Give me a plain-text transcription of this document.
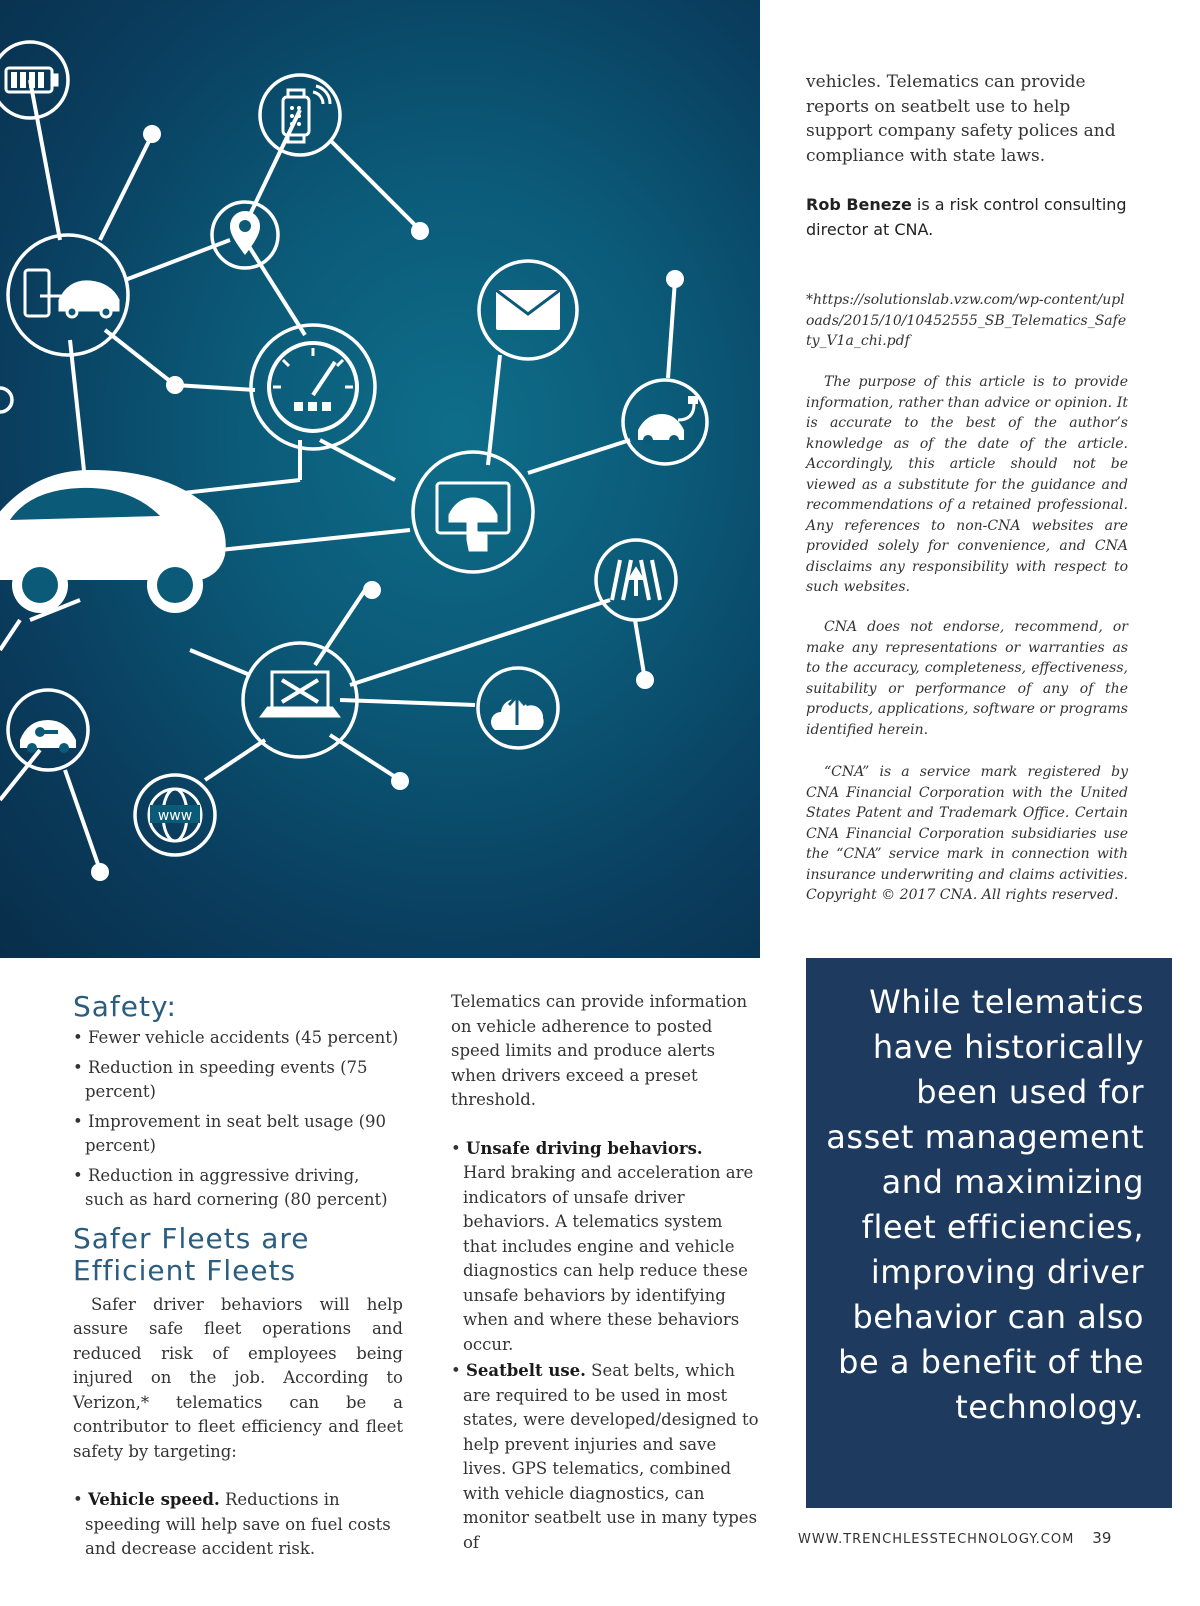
www

vehicles. Telematics can provide reports on seatbelt use to help support company safety polices and compliance with state laws.

Rob Beneze is a risk control consulting director at CNA.

*https://solutionslab.vzw.com/wp-content/uploads/2015/10/10452555_SB_Telematics_Safety_V1a_chi.pdf

The purpose of this article is to provide information, rather than advice or opinion. It is accurate to the best of the author’s knowledge as of the date of the article. Accordingly, this article should not be viewed as a substitute for the guidance and recommendations of a retained professional. Any references to non-CNA websites are provided solely for convenience, and CNA disclaims any responsibility with respect to such websites.

CNA does not endorse, recommend, or make any representations or warranties as to the accuracy, completeness, effectiveness, suitability or performance of any of the products, applications, software or programs identified herein.

“CNA” is a service mark registered by CNA Financial Corporation with the United States Patent and Trademark Office. Certain CNA Financial Corporation subsidiaries use the “CNA” service mark in connection with insurance underwriting and claims activities. Copyright © 2017 CNA. All rights reserved.

Safety:
• Fewer vehicle accidents (45 percent)
• Reduction in speeding events (75 percent)
• Improvement in seat belt usage (90 percent)
• Reduction in aggressive driving, such as hard cornering (80 percent)
Safer Fleets are Efficient Fleets

Safer driver behaviors will help assure safe fleet operations and reduced risk of employees being injured on the job. According to Verizon,* telematics can be a contributor to fleet efficiency and fleet safety by targeting:

• Vehicle speed. Reductions in speeding will help save on fuel costs and decrease accident risk.

Telematics can provide information on vehicle adherence to posted speed limits and produce alerts when drivers exceed a preset threshold.

• Unsafe driving behaviors.
Hard braking and acceleration are indicators of unsafe driver behaviors. A telematics system that includes engine and vehicle diagnostics can help reduce these unsafe behaviors by identifying when and where these behaviors occur.

• Seatbelt use. Seat belts, which are required to be used in most states, were developed/designed to help prevent injuries and save lives. GPS telematics, combined with vehicle diagnostics, can monitor seatbelt use in many types of

While telematics have historically been used for asset management and maximizing fleet efficiencies, improving driver behavior can also be a benefit of the technology.

WWW.TRENCHLESSTECHNOLOGY.COM 39
